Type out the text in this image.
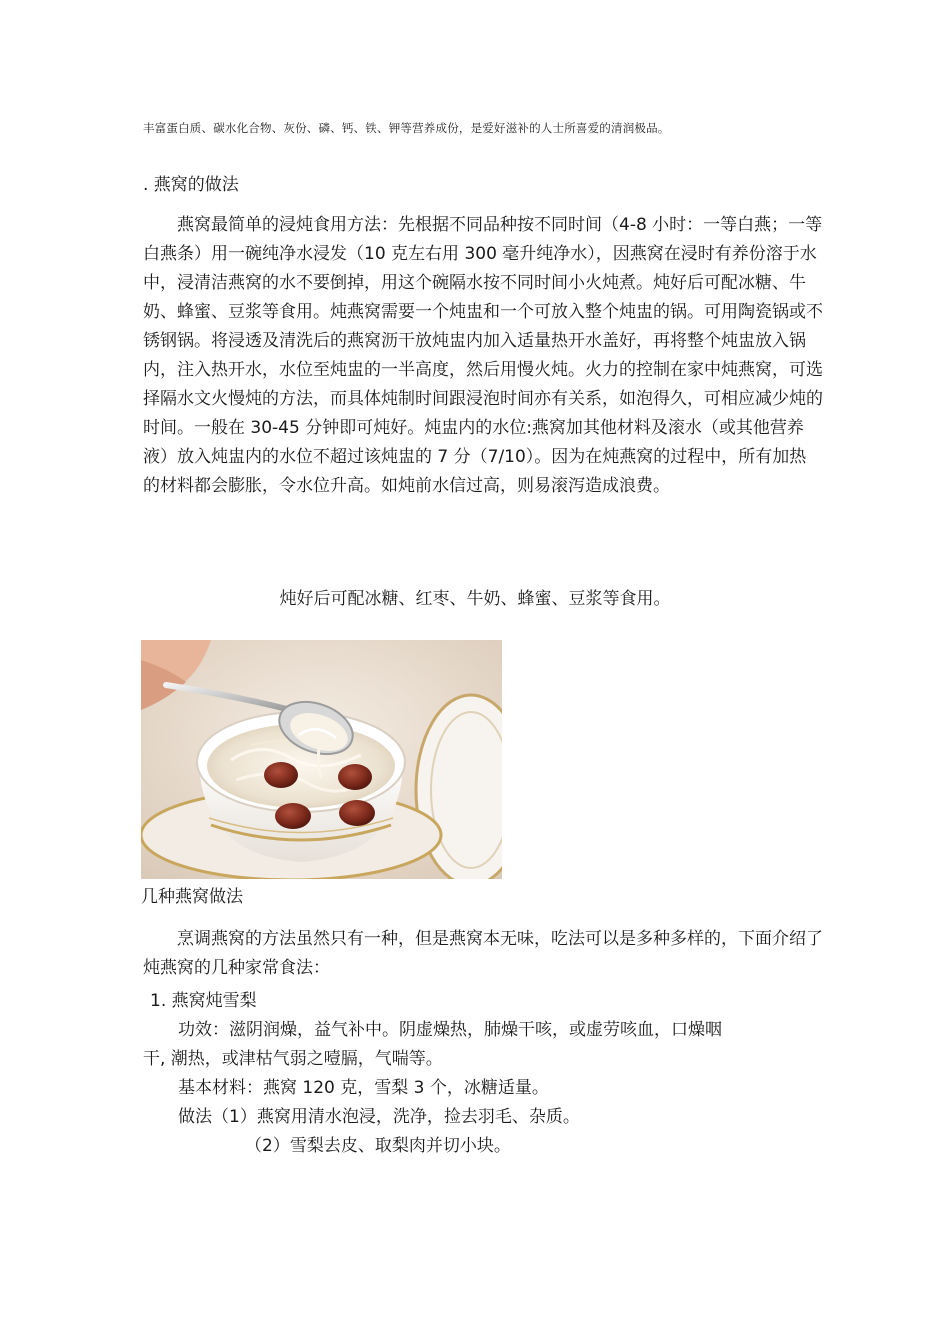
丰富蛋白质、碳水化合物、灰份、磷、钙、铁、钾等营养成份，是爱好滋补的人士所喜爱的清润极品。
. 燕窝的做法
燕窝最简单的浸炖食用方法：先根据不同品种按不同时间（4-8 小时：一等白燕；一等白燕条）用一碗纯净水浸发（10 克左右用 300 毫升纯净水），因燕窝在浸时有养份溶于水中，浸清洁燕窝的水不要倒掉，用这个碗隔水按不同时间小火炖煮。炖好后可配冰糖、牛奶、蜂蜜、豆浆等食用。炖燕窝需要一个炖盅和一个可放入整个炖盅的锅。可用陶瓷锅或不锈钢锅。将浸透及清洗后的燕窝沥干放炖盅内加入适量热开水盖好，再将整个炖盅放入锅内，注入热开水，水位至炖盅的一半高度，然后用慢火炖。火力的控制在家中炖燕窝，可选择隔水文火慢炖的方法，而具体炖制时间跟浸泡时间亦有关系，如泡得久，可相应减少炖的时间。一般在 30-45 分钟即可炖好。炖盅内的水位:燕窝加其他材料及滚水（或其他营养液）放入炖盅内的水位不超过该炖盅的 7 分（7/10）。因为在炖燕窝的过程中，所有加热的材料都会膨胀，令水位升高。如炖前水信过高，则易滚泻造成浪费。
炖好后可配冰糖、红枣、牛奶、蜂蜜、豆浆等食用。
几种燕窝做法
烹调燕窝的方法虽然只有一种，但是燕窝本无味，吃法可以是多种多样的，下面介绍了炖燕窝的几种家常食法：
1. 燕窝炖雪梨
功效：滋阴润燥，益气补中。阴虚燥热，肺燥干咳，或虚劳咳血，口燥咽
干, 潮热，或津枯气弱之噎膈，气喘等。
基本材料：燕窝 120 克，雪梨 3 个，冰糖适量。
做法（1）燕窝用清水泡浸，洗净，捡去羽毛、杂质。
（2）雪梨去皮、取梨肉并切小块。
